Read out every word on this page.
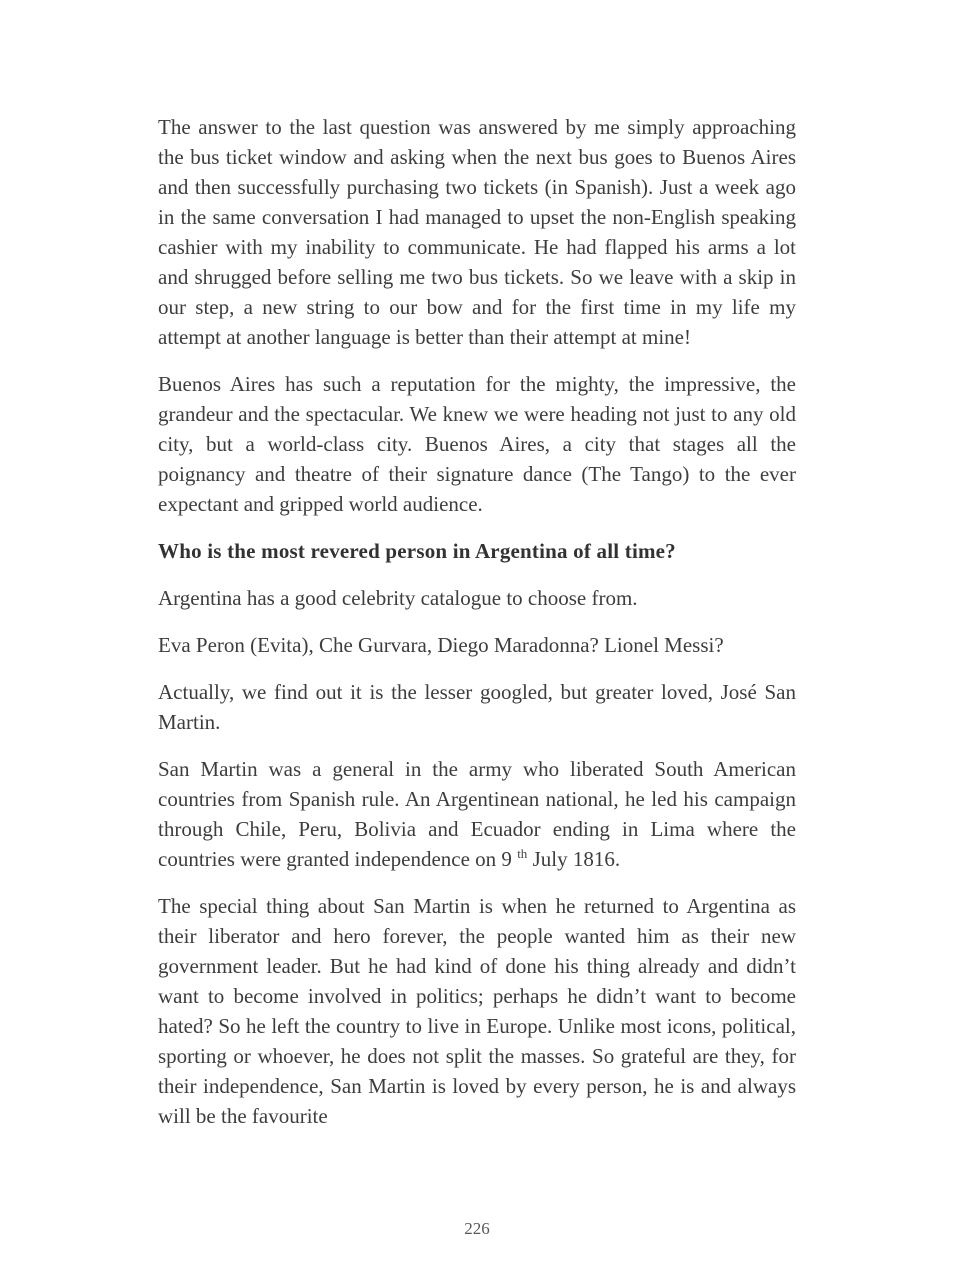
The answer to the last question was answered by me simply approaching the bus ticket window and asking when the next bus goes to Buenos Aires and then successfully purchasing two tickets (in Spanish). Just a week ago in the same conversation I had managed to upset the non-English speaking cashier with my inability to communicate. He had flapped his arms a lot and shrugged before selling me two bus tickets. So we leave with a skip in our step, a new string to our bow and for the first time in my life my attempt at another language is better than their attempt at mine!

Buenos Aires has such a reputation for the mighty, the impressive, the grandeur and the spectacular. We knew we were heading not just to any old city, but a world-class city. Buenos Aires, a city that stages all the poignancy and theatre of their signature dance (The Tango) to the ever expectant and gripped world audience.

Who is the most revered person in Argentina of all time?

Argentina has a good celebrity catalogue to choose from.

Eva Peron (Evita), Che Gurvara, Diego Maradonna? Lionel Messi?

Actually, we find out it is the lesser googled, but greater loved, José San Martin.

San Martin was a general in the army who liberated South American countries from Spanish rule. An Argentinean national, he led his campaign through Chile, Peru, Bolivia and Ecuador ending in Lima where the countries were granted independence on 9 $^{th}$ July 1816.

The special thing about San Martin is when he returned to Argentina as their liberator and hero forever, the people wanted him as their new government leader. But he had kind of done his thing already and didn’t want to become involved in politics; perhaps he didn’t want to become hated? So he left the country to live in Europe. Unlike most icons, political, sporting or whoever, he does not split the masses. So grateful are they, for their independence, San Martin is loved by every person, he is and always will be the favourite

226
